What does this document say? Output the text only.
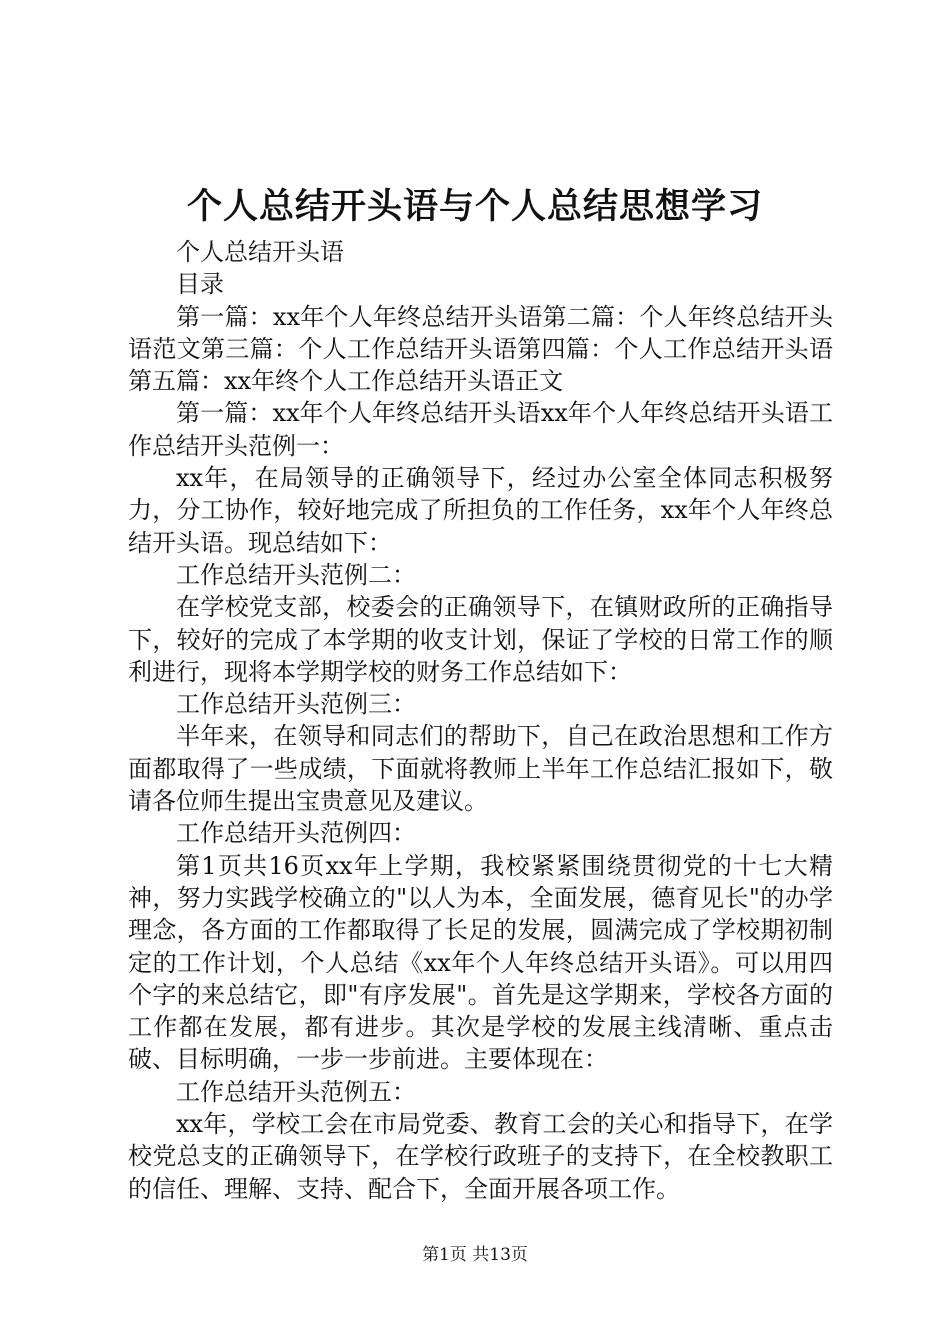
个人总结开头语与个人总结思想学习

个人总结开头语

目录

第一篇：xx年个人年终总结开头语第二篇：个人年终总结开头语范文第三篇：个人工作总结开头语第四篇：个人工作总结开头语第五篇：xx年终个人工作总结开头语正文

第一篇：xx年个人年终总结开头语xx年个人年终总结开头语工作总结开头范例一：

xx年，在局领导的正确领导下，经过办公室全体同志积极努力，分工协作，较好地完成了所担负的工作任务，xx年个人年终总结开头语。现总结如下：

工作总结开头范例二：

在学校党支部，校委会的正确领导下，在镇财政所的正确指导下，较好的完成了本学期的收支计划，保证了学校的日常工作的顺利进行，现将本学期学校的财务工作总结如下：

工作总结开头范例三：

半年来，在领导和同志们的帮助下，自己在政治思想和工作方面都取得了一些成绩，下面就将教师上半年工作总结汇报如下，敬请各位师生提出宝贵意见及建议。

工作总结开头范例四：

第1页共16页xx年上学期，我校紧紧围绕贯彻党的十七大精神，努力实践学校确立的"以人为本，全面发展，德育见长"的办学理念，各方面的工作都取得了长足的发展，圆满完成了学校期初制定的工作计划，个人总结《xx年个人年终总结开头语》。可以用四个字的来总结它，即"有序发展"。首先是这学期来，学校各方面的工作都在发展，都有进步。其次是学校的发展主线清晰、重点击破、目标明确，一步一步前进。主要体现在：

工作总结开头范例五：

xx年，学校工会在市局党委、教育工会的关心和指导下，在学校党总支的正确领导下，在学校行政班子的支持下，在全校教职工的信任、理解、支持、配合下，全面开展各项工作。

第1页 共13页
